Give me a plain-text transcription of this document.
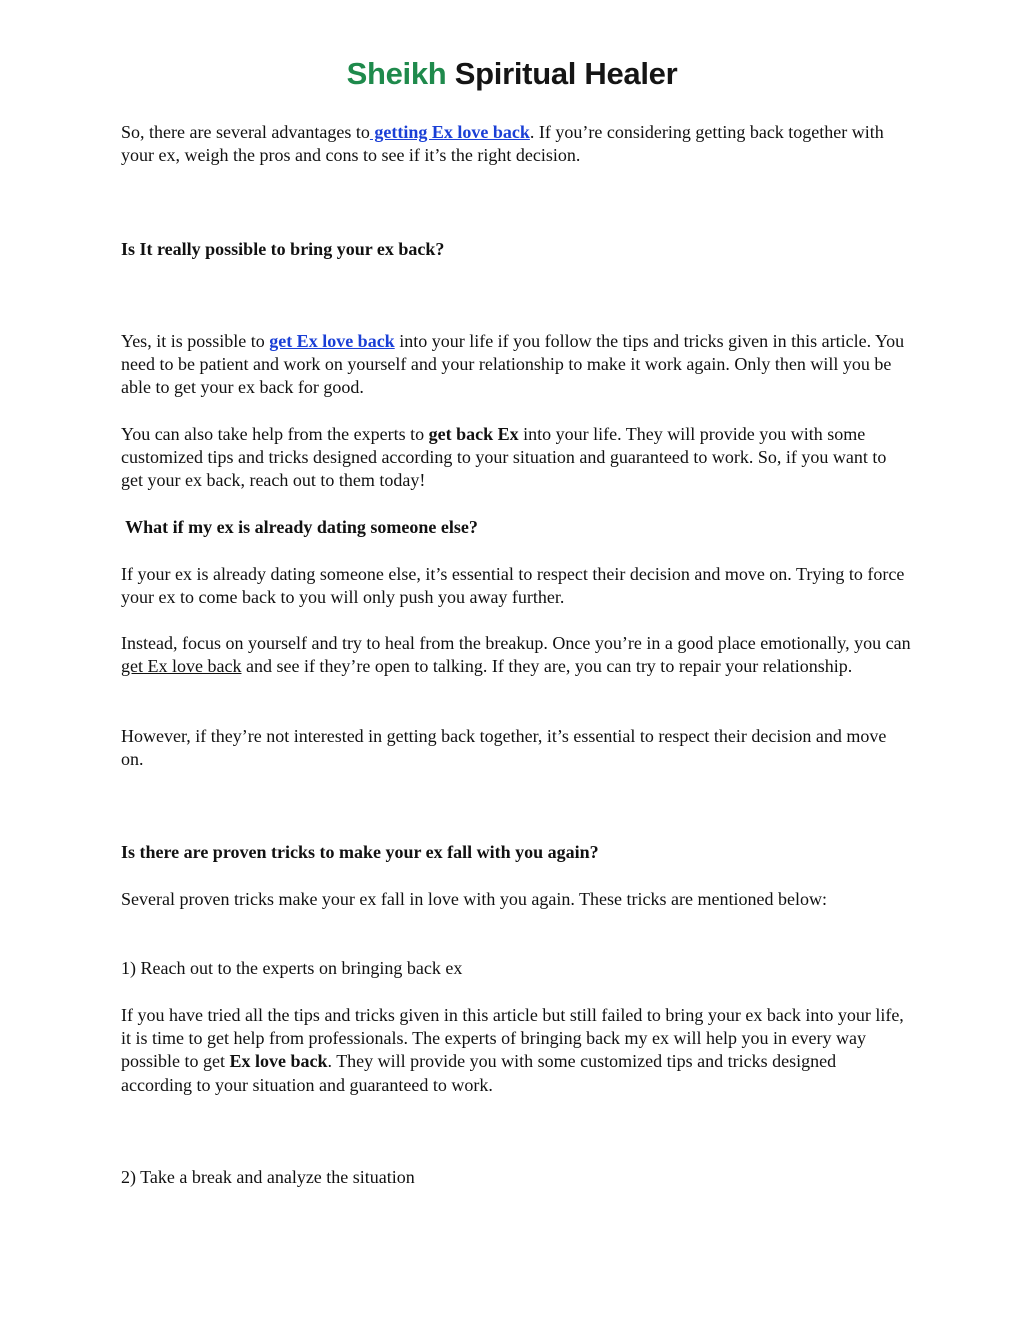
Sheikh Spiritual Healer

So, there are several advantages to getting Ex love back. If you’re considering getting back together with your ex, weigh the pros and cons to see if it’s the right decision.

Is It really possible to bring your ex back?

Yes, it is possible to get Ex love back into your life if you follow the tips and tricks given in this article. You need to be patient and work on yourself and your relationship to make it work again. Only then will you be able to get your ex back for good.

You can also take help from the experts to get back Ex into your life. They will provide you with some customized tips and tricks designed according to your situation and guaranteed to work. So, if you want to get your ex back, reach out to them today!

What if my ex is already dating someone else?

If your ex is already dating someone else, it’s essential to respect their decision and move on. Trying to force your ex to come back to you will only push you away further.

Instead, focus on yourself and try to heal from the breakup. Once you’re in a good place emotionally, you can get Ex love back and see if they’re open to talking. If they are, you can try to repair your relationship.

However, if they’re not interested in getting back together, it’s essential to respect their decision and move on.

Is there are proven tricks to make your ex fall with you again?

Several proven tricks make your ex fall in love with you again. These tricks are mentioned below:

1) Reach out to the experts on bringing back ex

If you have tried all the tips and tricks given in this article but still failed to bring your ex back into your life, it is time to get help from professionals. The experts of bringing back my ex will help you in every way possible to get Ex love back. They will provide you with some customized tips and tricks designed according to your situation and guaranteed to work.

2) Take a break and analyze the situation
